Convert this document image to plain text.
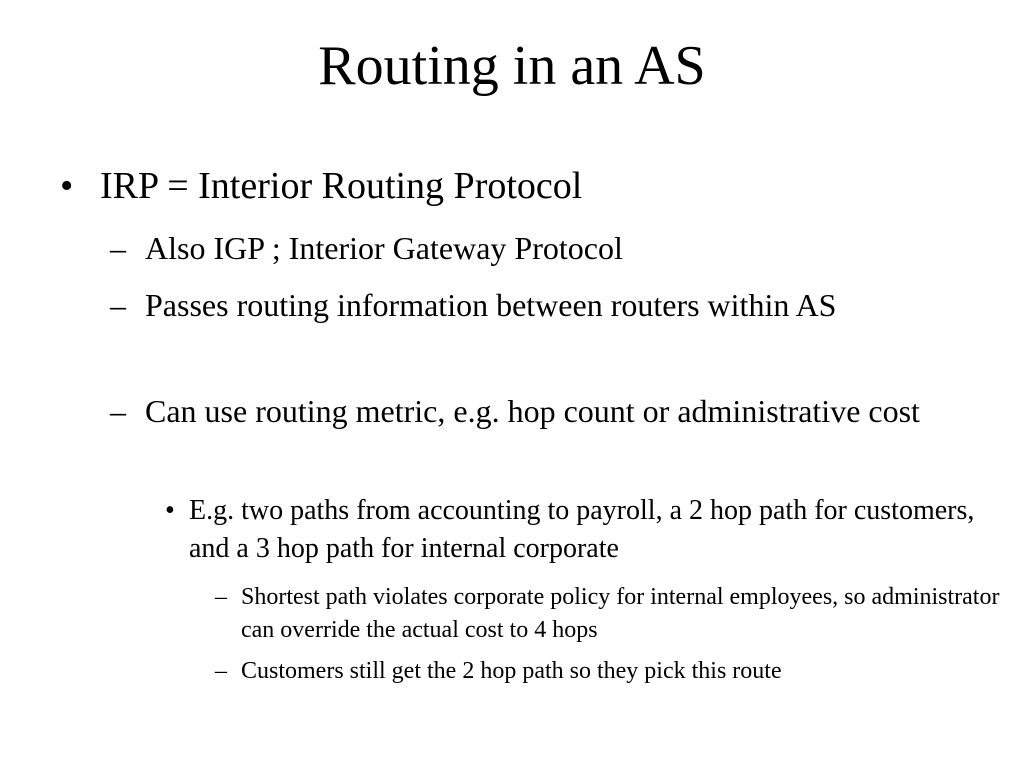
Routing in an AS
• IRP = Interior Routing Protocol
– Also IGP ; Interior Gateway Protocol
– Passes routing information between routers within AS
– Can use routing metric, e.g. hop count or administrative cost
• E.g. two paths from accounting to payroll, a 2 hop path for customers, and a 3 hop path for internal corporate
– Shortest path violates corporate policy for internal employees, so administrator can override the actual cost to 4 hops
– Customers still get the 2 hop path so they pick this route
